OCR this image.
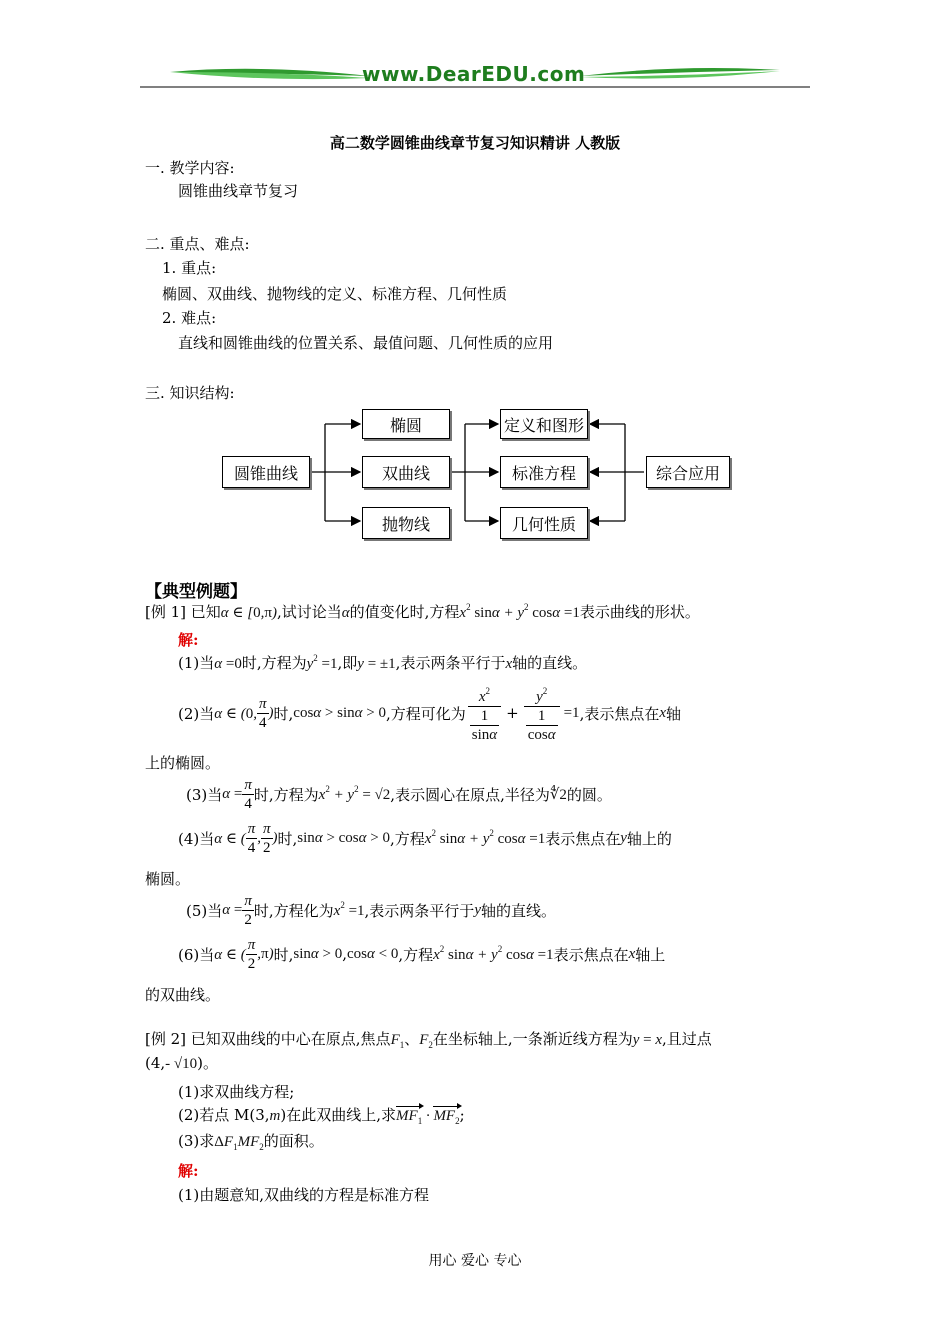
www.DearEDU.com
高二数学圆锥曲线章节复习知识精讲 人教版
一. 教学内容:
圆锥曲线章节复习
二. 重点、难点:
1. 重点:
椭圆、双曲线、抛物线的定义、标准方程、几何性质
2. 难点:
直线和圆锥曲线的位置关系、最值问题、几何性质的应用
三. 知识结构:
圆锥曲线
椭圆
双曲线
抛物线
定义和图形
标准方程
几何性质
综合应用
【典型例题】
[例 1] 已知α ∈ [0,π),试讨论当α的值变化时,方程$x^2$ $\sin\alpha + y^2$ cosα =1表示曲线的形状。
解:
(1)当α =0时,方程为$y^2 =1$,即y = ±1,表示两条平行于x轴的直线。
(2)当 α ∈ (0, $\frac{\pi}{4}$ ) 时, cosα > sinα > 0 ,方程可化为 $\frac{x^2}{\frac{1}{\sin\alpha}} + \frac{y^2}{\frac{1}{\cos\alpha}} =1$ ,表示焦点在 x 轴
上的椭圆。
(3)当 $\alpha = \frac{\pi}{4}$ 时,方程为 $x^2 + y^2 = √2$ ,表示圆心在原点,半径为 ∜2 的圆。
(4)当 α ∈ ( $\frac{\pi}{4}$ , $\frac{\pi}{2}$ ) 时, sinα > cosα > 0 ,方程 $x^2$ $\sin\alpha + y^2$ cosα =1 表示焦点在 y 轴上的
椭圆。
(5)当 $\alpha = \frac{\pi}{2}$ 时,方程化为 $x^2 =1$ ,表示两条平行于 y 轴的直线。
(6)当 α ∈ ( $\frac{\pi}{2} ,\pi$) 时, sinα > 0 , cosα < 0 ,方程 $x^2$ $\sin\alpha + y^2$ cosα =1 表示焦点在 x 轴上
的双曲线。
[例 2] 已知双曲线的中心在原点,焦点$F_1$、$F_2$在坐标轴上,一条渐近线方程为y = x,且过点
(4,- √10)。
(1)求双曲线方程;
(2)若点 M(3,m)在此双曲线上,求$MF_1 \cdot MF_2$;
(3)求$\Delta F_1MF_2$的面积。
解:
(1)由题意知,双曲线的方程是标准方程
用心 爱心 专心
